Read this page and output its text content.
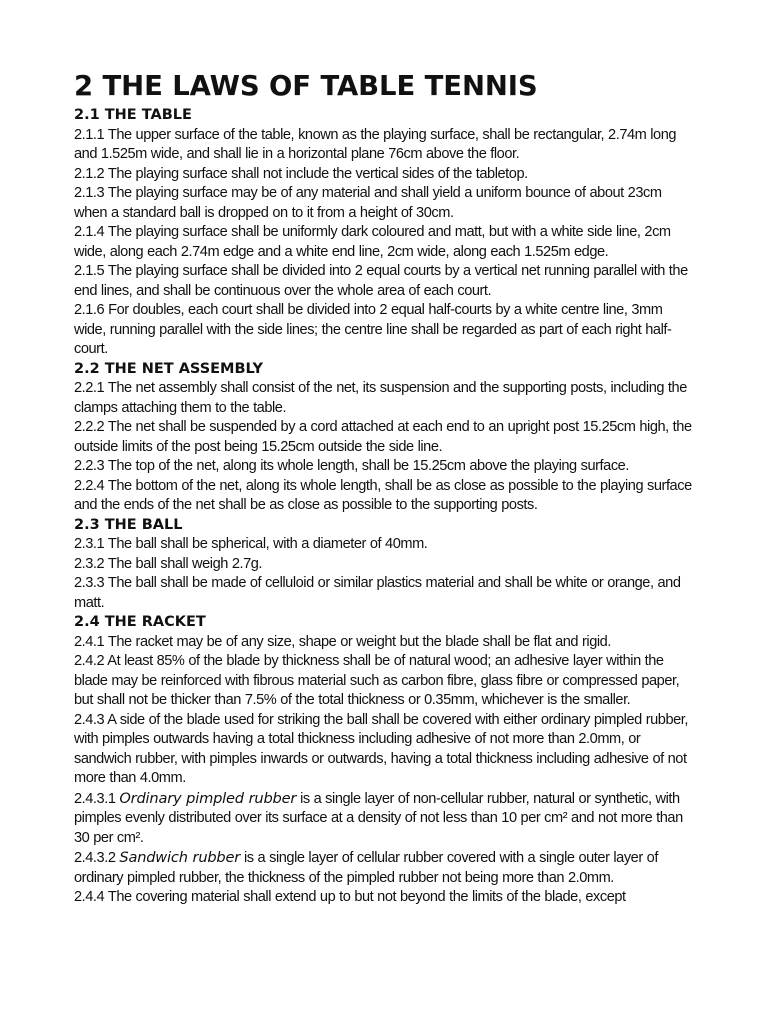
2 THE LAWS OF TABLE TENNIS
2.1 THE TABLE

2.1.1 The upper surface of the table, known as the playing surface, shall be rectangular, 2.74m long and 1.525m wide, and shall lie in a horizontal plane 76cm above the floor.

2.1.2 The playing surface shall not include the vertical sides of the tabletop.

2.1.3 The playing surface may be of any material and shall yield a uniform bounce of about 23cm when a standard ball is dropped on to it from a height of 30cm.

2.1.4 The playing surface shall be uniformly dark coloured and matt, but with a white side line, 2cm wide, along each 2.74m edge and a white end line, 2cm wide, along each 1.525m edge.

2.1.5 The playing surface shall be divided into 2 equal courts by a vertical net running parallel with the end lines, and shall be continuous over the whole area of each court.

2.1.6 For doubles, each court shall be divided into 2 equal half-courts by a white centre line, 3mm wide, running parallel with the side lines; the centre line shall be regarded as part of each right half-court.

2.2 THE NET ASSEMBLY

2.2.1 The net assembly shall consist of the net, its suspension and the supporting posts, including the clamps attaching them to the table.

2.2.2 The net shall be suspended by a cord attached at each end to an upright post 15.25cm high, the outside limits of the post being 15.25cm outside the side line.

2.2.3 The top of the net, along its whole length, shall be 15.25cm above the playing surface.

2.2.4 The bottom of the net, along its whole length, shall be as close as possible to the playing surface and the ends of the net shall be as close as possible to the supporting posts.

2.3 THE BALL

2.3.1 The ball shall be spherical, with a diameter of 40mm.

2.3.2 The ball shall weigh 2.7g.

2.3.3 The ball shall be made of celluloid or similar plastics material and shall be white or orange, and matt.

2.4 THE RACKET

2.4.1 The racket may be of any size, shape or weight but the blade shall be flat and rigid.

2.4.2 At least 85% of the blade by thickness shall be of natural wood; an adhesive layer within the blade may be reinforced with fibrous material such as carbon fibre, glass fibre or compressed paper, but shall not be thicker than 7.5% of the total thickness or 0.35mm, whichever is the smaller.

2.4.3 A side of the blade used for striking the ball shall be covered with either ordinary pimpled rubber, with pimples outwards having a total thickness including adhesive of not more than 2.0mm, or sandwich rubber, with pimples inwards or outwards, having a total thickness including adhesive of not more than 4.0mm.

2.4.3.1 Ordinary pimpled rubber is a single layer of non-cellular rubber, natural or synthetic, with pimples evenly distributed over its surface at a density of not less than 10 per cm² and not more than 30 per cm².

2.4.3.2 Sandwich rubber is a single layer of cellular rubber covered with a single outer layer of ordinary pimpled rubber, the thickness of the pimpled rubber not being more than 2.0mm.

2.4.4 The covering material shall extend up to but not beyond the limits of the blade, except
